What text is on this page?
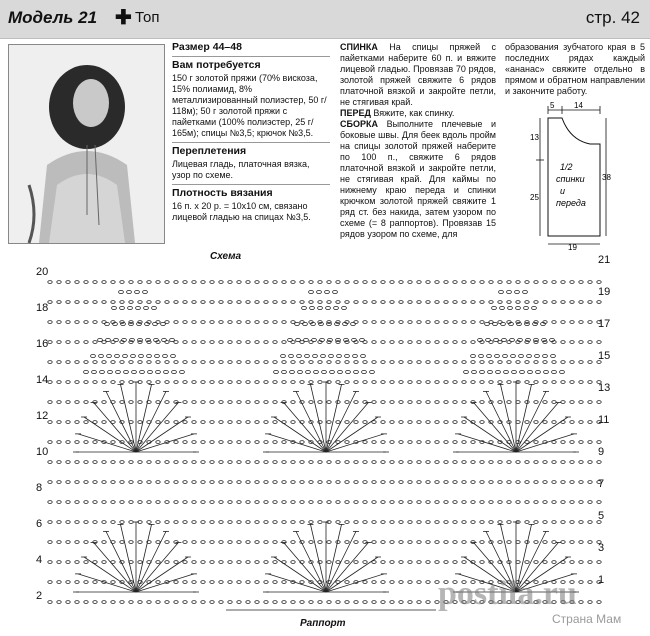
Модель 21 ✚ Топ	стр. 42
Размер 44–48
Вам потребуется
150 г золотой пряжи (70% вискоза, 15% полиамид, 8% металлизированный полиэстер, 50 г/ 118м); 50 г золотой пряжи с пайетками (100% полиэстер, 25 г/ 165м); спицы №3,5; крючок №3,5.
Переплетения
Лицевая гладь, платочная вязка, узор по схеме.
Плотность вязания
16 п. х 20 р. = 10х10 см, связано лицевой гладью на спицах №3,5.
СПИНКА На спицы пряжей с пайетками наберите 60 п. и вяжите лицевой гладью. Провязав 70 рядов, золотой пряжей свяжите 6 рядов платочной вязкой и закройте петли, не стягивая край.
ПЕРЕД Вяжите, как спинку.
СБОРКА Выполните плечевые и боковые швы. Для беек вдоль пройм на спицы золотой пряжей наберите по 100 п., свяжите 6 рядов платочной вязкой и закройте петли, не стягивая край. Для каймы по нижнему краю переда и спинки крючком золотой пряжей свяжите 1 ряд ст. без накида, затем узором по схеме (= 8 раппортов). Провязав 15 рядов узором по схеме, для
образования зубчатого края в 5 последних рядах каждый «ананас» свяжите отдельно в прямом и обратном направлении и закончите работу.
1/2
спинки
и
переда
5 14
13
25
38
19
Схема
20
18
16
14
12
10
8
6
4
2
21
19
17
15
13
11
9
7
5
3
1
Раппорт
postila.ru
Страна Мам
